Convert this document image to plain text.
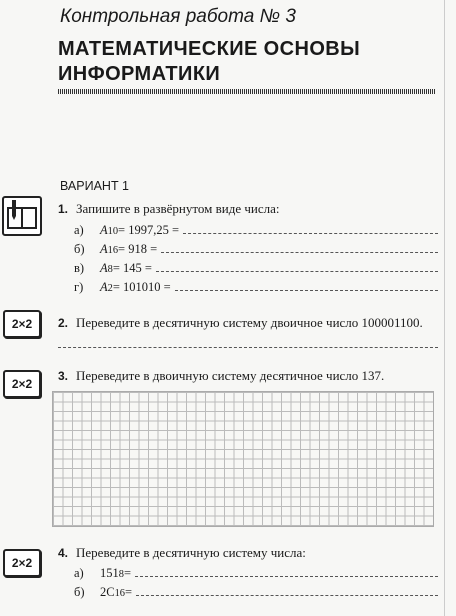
Контрольная работа № 3
МАТЕМАТИЧЕСКИЕ ОСНОВЫ
ИНФОРМАТИКИ
ВАРИАНТ 1
1. Запишите в развёрнутом виде числа:
а)	A 10 = 1997,25 =
б)	A 16 = 918 =
в)	A 8 = 145 =
г)	A 2 = 101010 =
2×2	2. Переведите в десятичную систему двоичное число 100001100.
2×2
3. Переведите в двоичную систему десятичное число 137.
2×2
4. Переведите в десятичную систему числа:
а)	151 8 =
б)	2C 16 =
